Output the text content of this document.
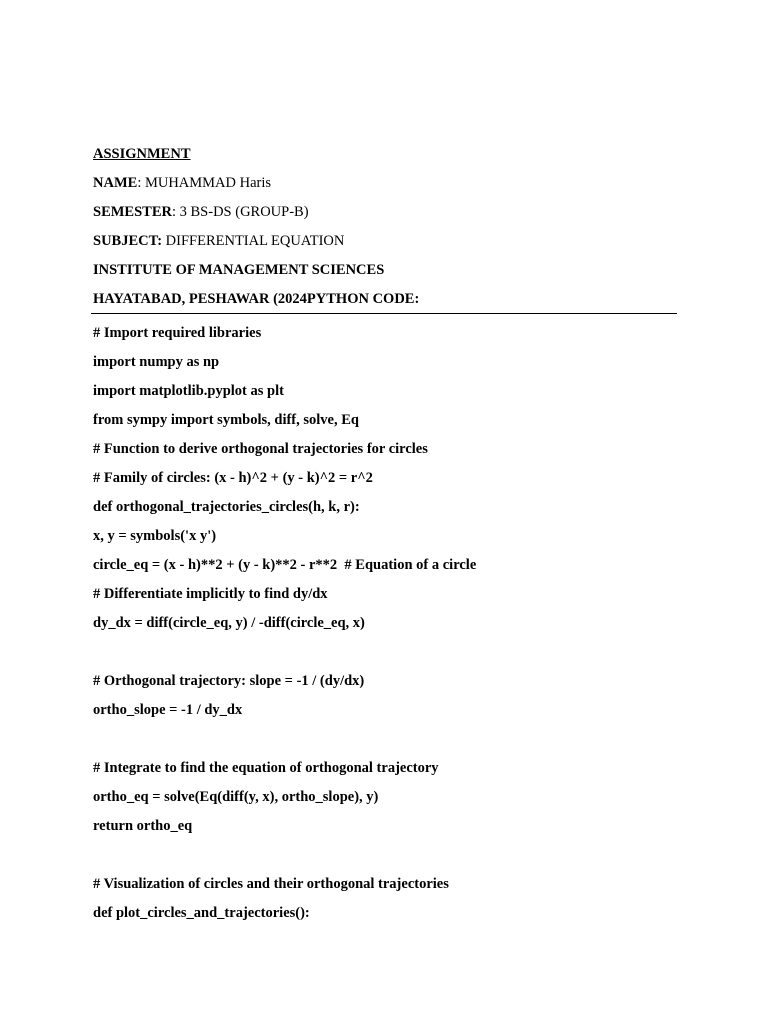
ASSIGNMENT
NAME: MUHAMMAD Haris
SEMESTER: 3 BS-DS (GROUP-B)
SUBJECT: DIFFERENTIAL EQUATION
INSTITUTE OF MANAGEMENT SCIENCES
HAYATABAD, PESHAWAR (2024PYTHON CODE:
# Import required libraries
import numpy as np
import matplotlib.pyplot as plt
from sympy import symbols, diff, solve, Eq
# Function to derive orthogonal trajectories for circles
# Family of circles: (x - h)^2 + (y - k)^2 = r^2
def orthogonal_trajectories_circles(h, k, r):
x, y = symbols('x y')
circle_eq = (x - h)**2 + (y - k)**2 - r**2  # Equation of a circle
# Differentiate implicitly to find dy/dx
dy_dx = diff(circle_eq, y) / -diff(circle_eq, x)
# Orthogonal trajectory: slope = -1 / (dy/dx)
ortho_slope = -1 / dy_dx
# Integrate to find the equation of orthogonal trajectory
ortho_eq = solve(Eq(diff(y, x), ortho_slope), y)
return ortho_eq
# Visualization of circles and their orthogonal trajectories
def plot_circles_and_trajectories():
